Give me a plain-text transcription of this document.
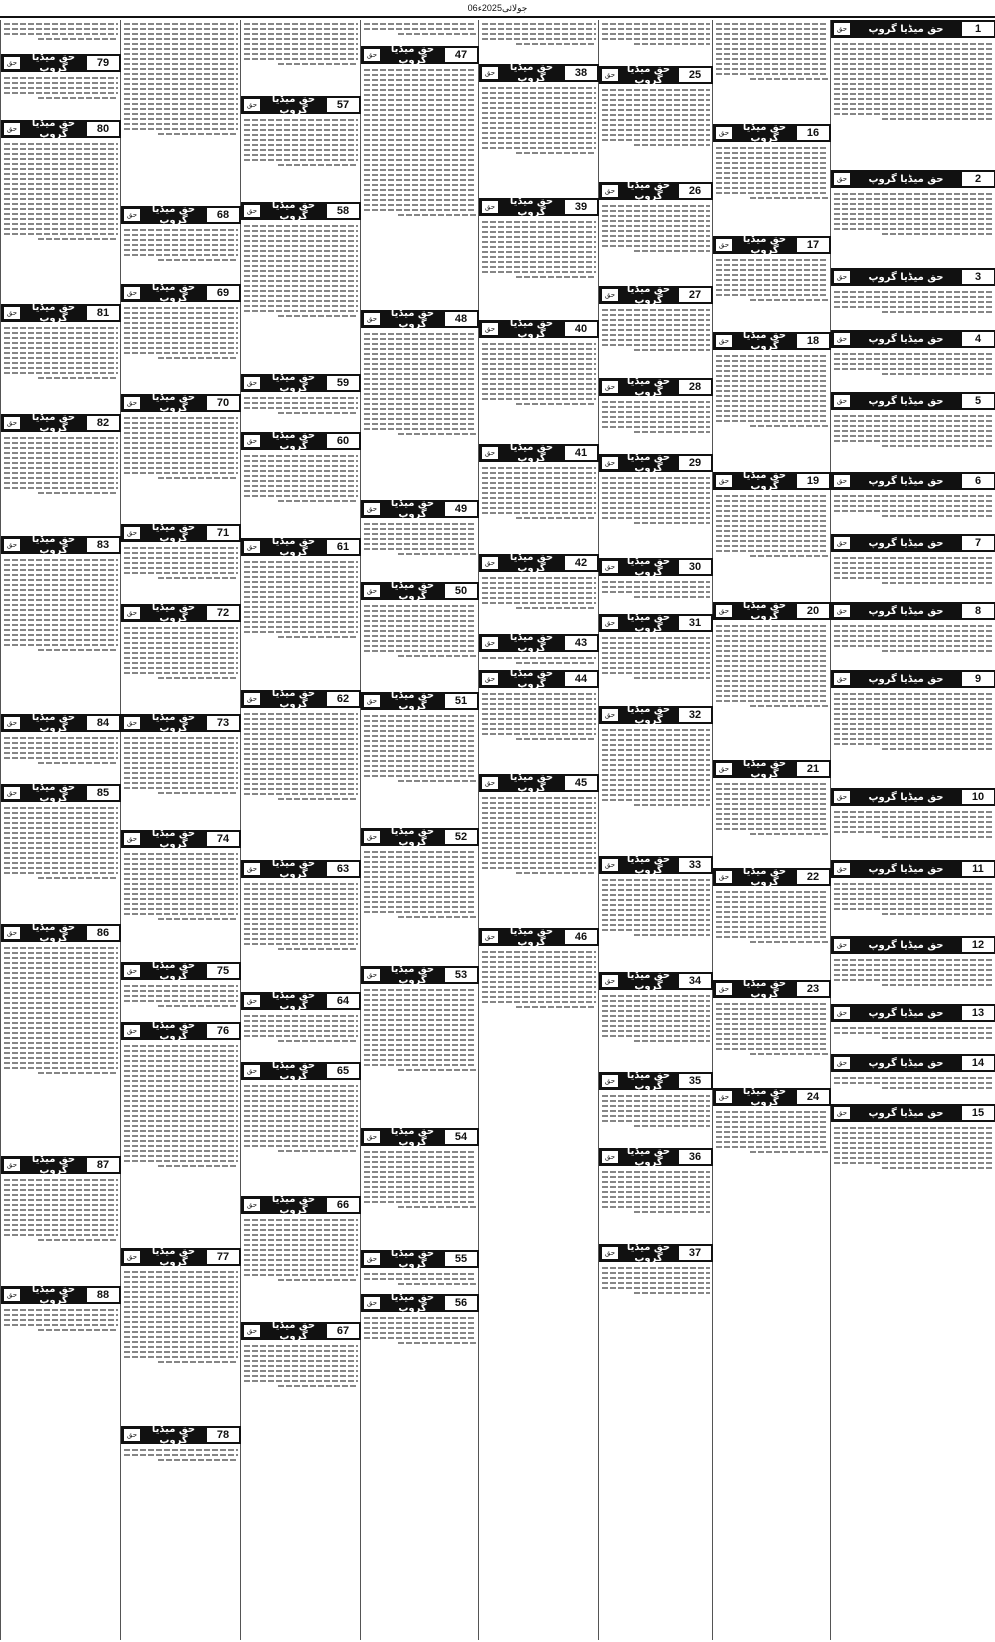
06جولائی2025ء
1
حق میڈیا گروپ
حق
2
حق میڈیا گروپ
حق
3
حق میڈیا گروپ
حق
4
حق میڈیا گروپ
حق
5
حق میڈیا گروپ
حق
6
حق میڈیا گروپ
حق
7
حق میڈیا گروپ
حق
8
حق میڈیا گروپ
حق
9
حق میڈیا گروپ
حق
10
حق میڈیا گروپ
حق
11
حق میڈیا گروپ
حق
12
حق میڈیا گروپ
حق
13
حق میڈیا گروپ
حق
14
حق میڈیا گروپ
حق
15
حق میڈیا گروپ
حق
16
حق میڈیا گروپ
حق
17
حق میڈیا گروپ
حق
18
حق میڈیا گروپ
حق
19
حق میڈیا گروپ
حق
20
حق میڈیا گروپ
حق
21
حق میڈیا گروپ
حق
22
حق میڈیا گروپ
حق
23
حق میڈیا گروپ
حق
24
حق میڈیا گروپ
حق
25
حق میڈیا گروپ
حق
26
حق میڈیا گروپ
حق
27
حق میڈیا گروپ
حق
28
حق میڈیا گروپ
حق
29
حق میڈیا گروپ
حق
30
حق میڈیا گروپ
حق
31
حق میڈیا گروپ
حق
32
حق میڈیا گروپ
حق
33
حق میڈیا گروپ
حق
34
حق میڈیا گروپ
حق
35
حق میڈیا گروپ
حق
36
حق میڈیا گروپ
حق
37
حق میڈیا گروپ
حق
38
حق میڈیا گروپ
حق
39
حق میڈیا گروپ
حق
40
حق میڈیا گروپ
حق
41
حق میڈیا گروپ
حق
42
حق میڈیا گروپ
حق
43
حق میڈیا گروپ
حق
44
حق میڈیا گروپ
حق
45
حق میڈیا گروپ
حق
46
حق میڈیا گروپ
حق
47
حق میڈیا گروپ
حق
48
حق میڈیا گروپ
حق
49
حق میڈیا گروپ
حق
50
حق میڈیا گروپ
حق
51
حق میڈیا گروپ
حق
52
حق میڈیا گروپ
حق
53
حق میڈیا گروپ
حق
54
حق میڈیا گروپ
حق
55
حق میڈیا گروپ
حق
56
حق میڈیا گروپ
حق
57
حق میڈیا گروپ
حق
58
حق میڈیا گروپ
حق
59
حق میڈیا گروپ
حق
60
حق میڈیا گروپ
حق
61
حق میڈیا گروپ
حق
62
حق میڈیا گروپ
حق
63
حق میڈیا گروپ
حق
64
حق میڈیا گروپ
حق
65
حق میڈیا گروپ
حق
66
حق میڈیا گروپ
حق
67
حق میڈیا گروپ
حق
68
حق میڈیا گروپ
حق
69
حق میڈیا گروپ
حق
70
حق میڈیا گروپ
حق
71
حق میڈیا گروپ
حق
72
حق میڈیا گروپ
حق
73
حق میڈیا گروپ
حق
74
حق میڈیا گروپ
حق
75
حق میڈیا گروپ
حق
76
حق میڈیا گروپ
حق
77
حق میڈیا گروپ
حق
78
حق میڈیا گروپ
حق
79
حق میڈیا گروپ
حق
80
حق میڈیا گروپ
حق
81
حق میڈیا گروپ
حق
82
حق میڈیا گروپ
حق
83
حق میڈیا گروپ
حق
84
حق میڈیا گروپ
حق
85
حق میڈیا گروپ
حق
86
حق میڈیا گروپ
حق
87
حق میڈیا گروپ
حق
88
حق میڈیا گروپ
حق
